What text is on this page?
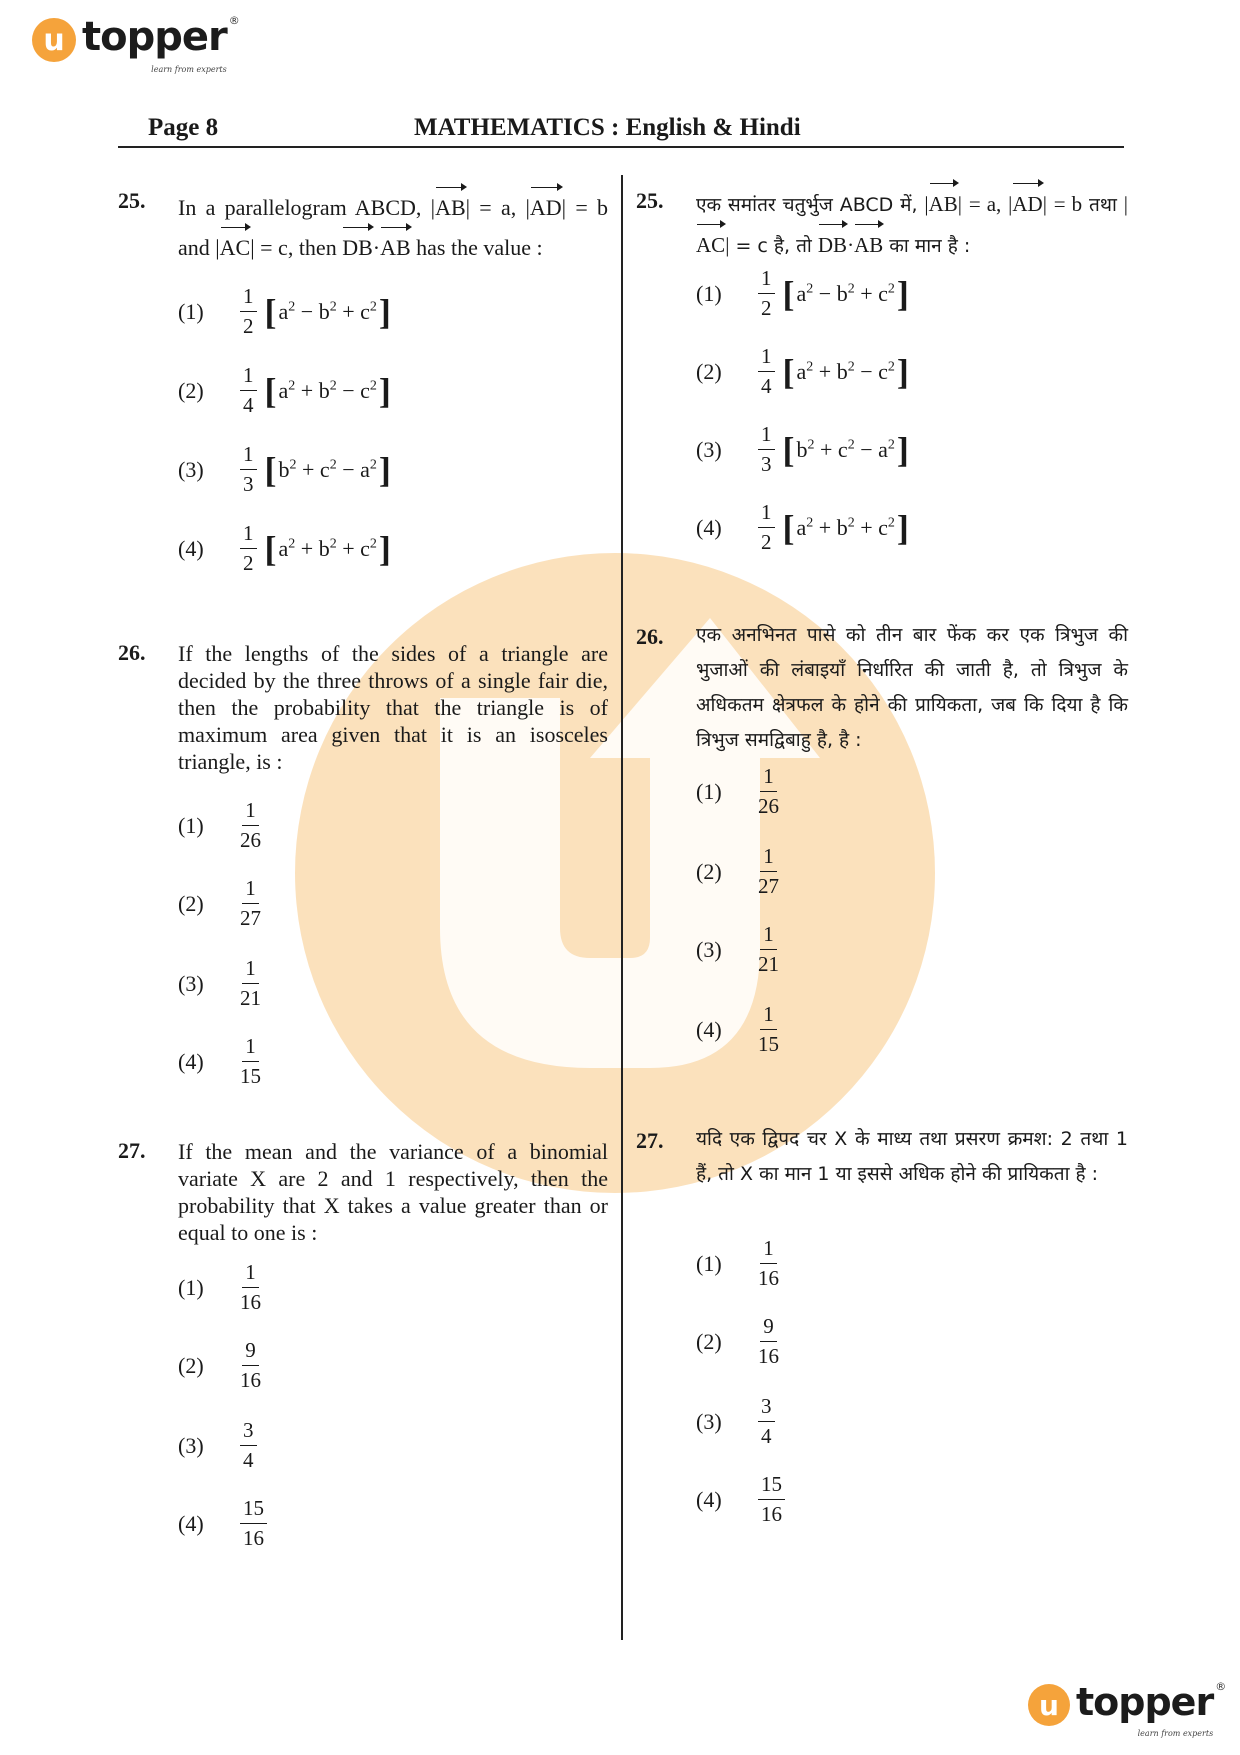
u topper
learn from experts
®
Page 8	MATHEMATICS : English & Hindi
25. In a parallelogram ABCD, |AB| = a, |AD| = b and |AC| = c, then DB·AB has the value :
(1)	$\frac{1}{2}$ [ $a^2 - b^2 + c^2$ ]
(2)	$\frac{1}{4}$ [ $a^2 + b^2 - c^2$ ]
(3)	$\frac{1}{3}$ [ $b^2 + c^2 - a^2$ ]
(4)	$\frac{1}{2}$ [ $a^2 + b^2 + c^2$ ]
26. If the lengths of the sides of a triangle are decided by the three throws of a single fair die, then the probability that the triangle is of maximum area given that it is an isosceles triangle, is :
(1)	$\frac{1}{26}$
(2)	$\frac{1}{27}$
(3)	$\frac{1}{21}$
(4)	$\frac{1}{15}$
27. If the mean and the variance of a binomial variate X are 2 and 1 respectively, then the probability that X takes a value greater than or equal to one is :
(1)	$\frac{1}{16}$
(2)	$\frac{9}{16}$
(3)	$\frac{3}{4}$
(4)	$\frac{15}{16}$
25. एक समांतर चतुर्भुज ABCD में, |AB| = a, |AD| = b तथा |AC| = c है, तो DB·AB का मान है :
(1)	$\frac{1}{2}$ [ $a^2 - b^2 + c^2$ ]
(2)	$\frac{1}{4}$ [ $a^2 + b^2 - c^2$ ]
(3)	$\frac{1}{3}$ [ $b^2 + c^2 - a^2$ ]
(4)	$\frac{1}{2}$ [ $a^2 + b^2 + c^2$ ]
26. एक अनभिनत पासे को तीन बार फेंक कर एक त्रिभुज की भुजाओं की लंबाइयाँ निर्धारित की जाती है, तो त्रिभुज के अधिकतम क्षेत्रफल के होने की प्रायिकता, जब कि दिया है कि त्रिभुज समद्विबाहु है, है :
(1)	$\frac{1}{26}$
(2)	$\frac{1}{27}$
(3)	$\frac{1}{21}$
(4)	$\frac{1}{15}$
27. यदि एक द्विपद चर X के माध्य तथा प्रसरण क्रमश: 2 तथा 1 हैं, तो X का मान 1 या इससे अधिक होने की प्रायिकता है :
(1)	$\frac{1}{16}$
(2)	$\frac{9}{16}$
(3)	$\frac{3}{4}$
(4)	$\frac{15}{16}$
u topper
learn from experts
®
